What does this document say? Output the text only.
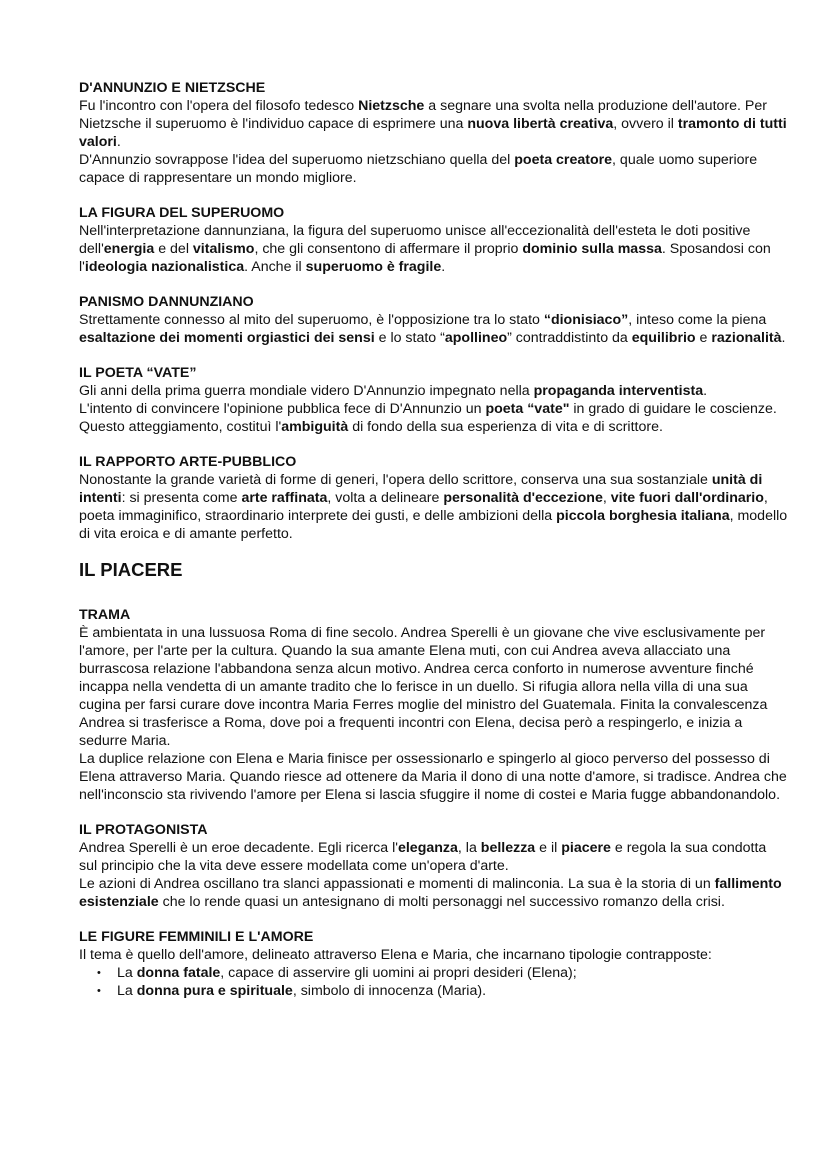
D'ANNUNZIO E NIETZSCHE

Fu l'incontro con l'opera del filosofo tedesco Nietzsche a segnare una svolta nella produzione dell'autore. Per Nietzsche il superuomo è l'individuo capace di esprimere una nuova libertà creativa, ovvero il tramonto di tutti valori.

D'Annunzio sovrappose l'idea del superuomo nietzschiano quella del poeta creatore, quale uomo superiore capace di rappresentare un mondo migliore.

LA FIGURA DEL SUPERUOMO

Nell'interpretazione dannunziana, la figura del superuomo unisce all'eccezionalità dell'esteta le doti positive dell'energia e del vitalismo, che gli consentono di affermare il proprio dominio sulla massa. Sposandosi con l'ideologia nazionalistica. Anche il superuomo è fragile.

PANISMO DANNUNZIANO

Strettamente connesso al mito del superuomo, è l'opposizione tra lo stato “dionisiaco”, inteso come la piena esaltazione dei momenti orgiastici dei sensi e lo stato “apollineo” contraddistinto da equilibrio e razionalità.

IL POETA “VATE”

Gli anni della prima guerra mondiale videro D'Annunzio impegnato nella propaganda interventista.

L'intento di convincere l'opinione pubblica fece di D'Annunzio un poeta “vate" in grado di guidare le coscienze. Questo atteggiamento, costituì l'ambiguità di fondo della sua esperienza di vita e di scrittore.

IL RAPPORTO ARTE-PUBBLICO

Nonostante la grande varietà di forme di generi, l'opera dello scrittore, conserva una sua sostanziale unità di intenti: si presenta come arte raffinata, volta a delineare personalità d'eccezione, vite fuori dall'ordinario, poeta immaginifico, straordinario interprete dei gusti, e delle ambizioni della piccola borghesia italiana, modello di vita eroica e di amante perfetto.

IL PIACERE

TRAMA

È ambientata in una lussuosa Roma di fine secolo. Andrea Sperelli è un giovane che vive esclusivamente per l'amore, per l'arte per la cultura. Quando la sua amante Elena muti, con cui Andrea aveva allacciato una burrascosa relazione l'abbandona senza alcun motivo. Andrea cerca conforto in numerose avventure finché incappa nella vendetta di un amante tradito che lo ferisce in un duello. Si rifugia allora nella villa di una sua cugina per farsi curare dove incontra Maria Ferres moglie del ministro del Guatemala. Finita la convalescenza Andrea si trasferisce a Roma, dove poi a frequenti incontri con Elena, decisa però a respingerlo, e inizia a sedurre Maria.

La duplice relazione con Elena e Maria finisce per ossessionarlo e spingerlo al gioco perverso del possesso di Elena attraverso Maria. Quando riesce ad ottenere da Maria il dono di una notte d'amore, si tradisce. Andrea che nell'inconscio sta rivivendo l'amore per Elena si lascia sfuggire il nome di costei e Maria fugge abbandonandolo.

IL PROTAGONISTA

Andrea Sperelli è un eroe decadente. Egli ricerca l'eleganza, la bellezza e il piacere e regola la sua condotta sul principio che la vita deve essere modellata come un'opera d'arte.

Le azioni di Andrea oscillano tra slanci appassionati e momenti di malinconia. La sua è la storia di un fallimento esistenziale che lo rende quasi un antesignano di molti personaggi nel successivo romanzo della crisi.

LE FIGURE FEMMINILI E L'AMORE

Il tema è quello dell'amore, delineato attraverso Elena e Maria, che incarnano tipologie contrapposte:

• La donna fatale, capace di asservire gli uomini ai propri desideri (Elena);
• La donna pura e spirituale, simbolo di innocenza (Maria).
